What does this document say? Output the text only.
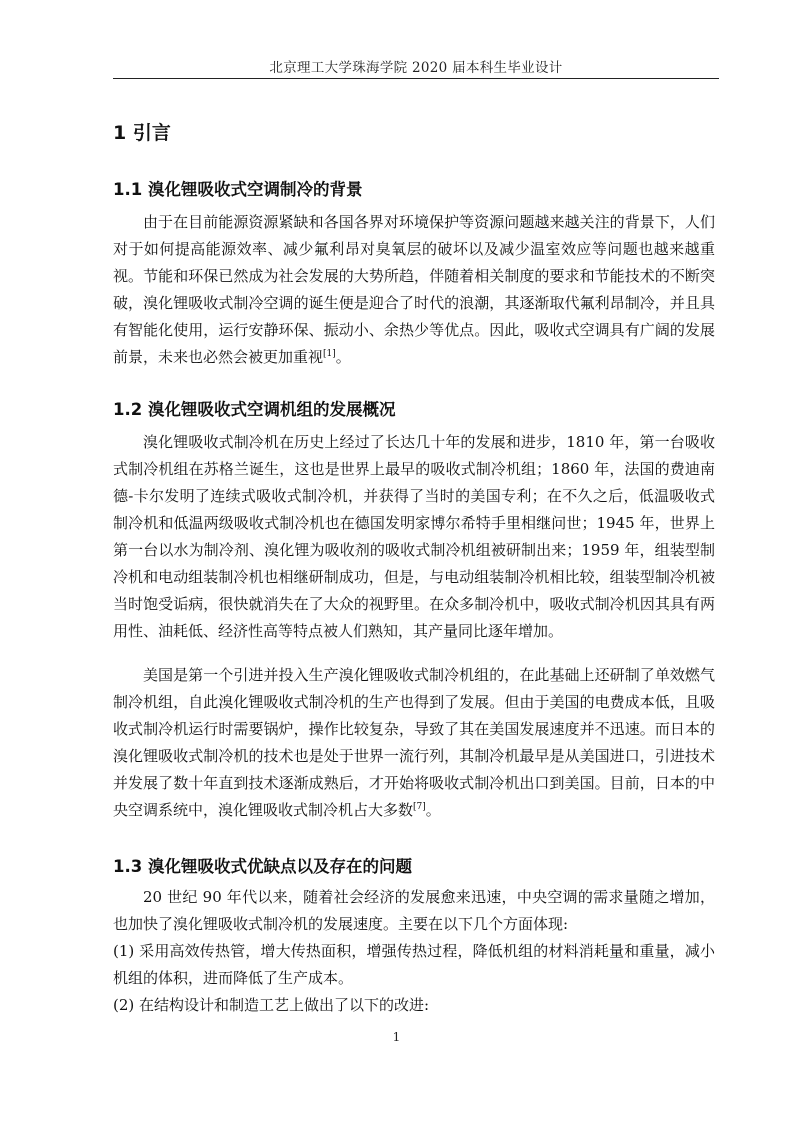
北京理工大学珠海学院 2020 届本科生毕业设计
1 引言
1.1 溴化锂吸收式空调制冷的背景

由于在目前能源资源紧缺和各国各界对环境保护等资源问题越来越关注的背景下，人们对于如何提高能源效率、减少氟利昂对臭氧层的破坏以及减少温室效应等问题也越来越重视。节能和环保已然成为社会发展的大势所趋，伴随着相关制度的要求和节能技术的不断突破，溴化锂吸收式制冷空调的诞生便是迎合了时代的浪潮，其逐渐取代氟利昂制冷，并且具有智能化使用，运行安静环保、振动小、余热少等优点。因此，吸收式空调具有广阔的发展前景，未来也必然会被更加重视[1]。

1.2 溴化锂吸收式空调机组的发展概况

溴化锂吸收式制冷机在历史上经过了长达几十年的发展和进步，1810 年，第一台吸收式制冷机组在苏格兰诞生，这也是世界上最早的吸收式制冷机组；1860 年，法国的费迪南德-卡尔发明了连续式吸收式制冷机，并获得了当时的美国专利；在不久之后，低温吸收式制冷机和低温两级吸收式制冷机也在德国发明家博尔希特手里相继问世；1945 年，世界上第一台以水为制冷剂、溴化锂为吸收剂的吸收式制冷机组被研制出来；1959 年，组装型制冷机和电动组装制冷机也相继研制成功，但是，与电动组装制冷机相比较，组装型制冷机被当时饱受诟病，很快就消失在了大众的视野里。在众多制冷机中，吸收式制冷机因其具有两用性、油耗低、经济性高等特点被人们熟知，其产量同比逐年增加。

美国是第一个引进并投入生产溴化锂吸收式制冷机组的，在此基础上还研制了单效燃气制冷机组，自此溴化锂吸收式制冷机的生产也得到了发展。但由于美国的电费成本低，且吸收式制冷机运行时需要锅炉，操作比较复杂，导致了其在美国发展速度并不迅速。而日本的溴化锂吸收式制冷机的技术也是处于世界一流行列，其制冷机最早是从美国进口，引进技术并发展了数十年直到技术逐渐成熟后，才开始将吸收式制冷机出口到美国。目前，日本的中央空调系统中，溴化锂吸收式制冷机占大多数[7]。

1.3 溴化锂吸收式优缺点以及存在的问题

20 世纪 90 年代以来，随着社会经济的发展愈来迅速，中央空调的需求量随之增加，也加快了溴化锂吸收式制冷机的发展速度。主要在以下几个方面体现:

(1) 采用高效传热管，增大传热面积，增强传热过程，降低机组的材料消耗量和重量，减小机组的体积，进而降低了生产成本。

(2) 在结构设计和制造工艺上做出了以下的改进:

1
